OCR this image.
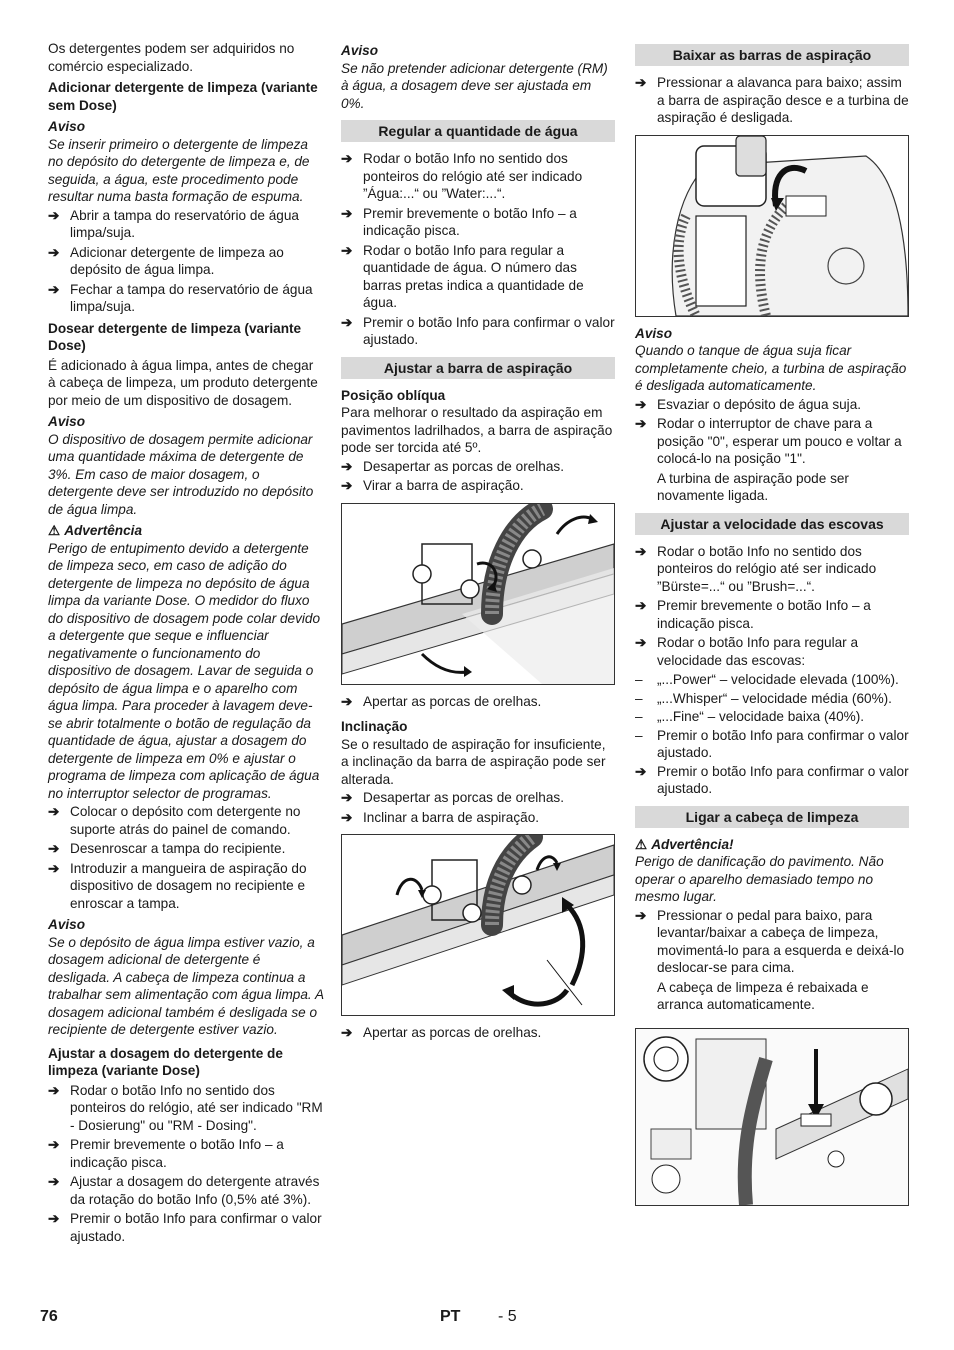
Os detergentes podem ser adquiridos no comércio especializado.

Adicionar detergente de limpeza (variante sem Dose)

Aviso

Se inserir primeiro o detergente de limpeza no depósito do detergente de limpeza e, de seguida, a água, este procedimento pode resultar numa basta formação de espuma.

➔ Abrir a tampa do reservatório de água limpa/suja.
➔ Adicionar detergente de limpeza ao depósito de água limpa.
➔ Fechar a tampa do reservatório de água limpa/suja.

Dosear detergente de limpeza (variante Dose)

É adicionado à água limpa, antes de chegar à cabeça de limpeza, um produto detergente por meio de um dispositivo de dosagem.

Aviso

O dispositivo de dosagem permite adicionar uma quantidade máxima de detergente de 3%. Em caso de maior dosagem, o detergente deve ser introduzido no depósito de água limpa.

⚠ Advertência

Perigo de entupimento devido a detergente de limpeza seco, em caso de adição do detergente de limpeza no depósito de água limpa da variante Dose. O medidor do fluxo do dispositivo de dosagem pode colar devido a detergente que seque e influenciar negativamente o funcionamento do dispositivo de dosagem. Lavar de seguida o depósito de água limpa e o aparelho com água limpa. Para proceder à lavagem deve-se abrir totalmente o botão de regulação da quantidade de água, ajustar a dosagem do detergente de limpeza em 0% e ajustar o programa de limpeza com aplicação de água no interruptor selector de programas.

➔ Colocar o depósito com detergente no suporte atrás do painel de comando.
➔ Desenroscar a tampa do recipiente.
➔ Introduzir a mangueira de aspiração do dispositivo de dosagem no recipiente e enroscar a tampa.

Aviso

Se o depósito de água limpa estiver vazio, a dosagem adicional de detergente é desligada. A cabeça de limpeza continua a trabalhar sem alimentação com água limpa. A dosagem adicional também é desligada se o recipiente de detergente estiver vazio.

Ajustar a dosagem do detergente de limpeza (variante Dose)

➔ Rodar o botão Info no sentido dos ponteiros do relógio, até ser indicado "RM - Dosierung" ou "RM - Dosing".
➔ Premir brevemente o botão Info – a indicação pisca.
➔ Ajustar a dosagem do detergente através da rotação do botão Info (0,5% até 3%).
➔ Premir o botão Info para confirmar o valor ajustado.

Aviso

Se não pretender adicionar detergente (RM) à água, a dosagem deve ser ajustada em 0%.

Regular a quantidade de água
➔ Rodar o botão Info no sentido dos ponteiros do relógio até ser indicado ”Água:...“ ou ”Water:...“.
➔ Premir brevemente o botão Info – a indicação pisca.
➔ Rodar o botão Info para regular a quantidade de água. O número das barras pretas indica a quantidade de água.
➔ Premir o botão Info para confirmar o valor ajustado.
Ajustar a barra de aspiração

Posição oblíqua

Para melhorar o resultado da aspiração em pavimentos ladrilhados, a barra de aspiração pode ser torcida até 5º.

➔ Desapertar as porcas de orelhas.
➔ Virar a barra de aspiração.
➔ Apertar as porcas de orelhas.

Inclinação

Se o resultado de aspiração for insuficiente, a inclinação da barra de aspiração pode ser alterada.

➔ Desapertar as porcas de orelhas.
➔ Inclinar a barra de aspiração.
➔ Apertar as porcas de orelhas.
Baixar as barras de aspiração
➔ Pressionar a alavanca para baixo; assim a barra de aspiração desce e a turbina de aspiração é desligada.

Aviso

Quando o tanque de água suja ficar completamente cheio, a turbina de aspiração é desligada automaticamente.

➔ Esvaziar o depósito de água suja.
➔ Rodar o interruptor de chave para a posição "0", esperar um pouco e voltar a colocá-lo na posição "1".

A turbina de aspiração pode ser novamente ligada.

Ajustar a velocidade das escovas
➔ Rodar o botão Info no sentido dos ponteiros do relógio até ser indicado ”Bürste=...“ ou ”Brush=...“.
➔ Premir brevemente o botão Info – a indicação pisca.
➔ Rodar o botão Info para regular a velocidade das escovas:
– „...Power“ – velocidade elevada (100%).
– „...Whisper“ – velocidade média (60%).
– „...Fine“ – velocidade baixa (40%).
– Premir o botão Info para confirmar o valor ajustado.
➔ Premir o botão Info para confirmar o valor ajustado.
Ligar a cabeça de limpeza

⚠ Advertência!

Perigo de danificação do pavimento. Não operar o aparelho demasiado tempo no mesmo lugar.

➔ Pressionar o pedal para baixo, para levantar/baixar a cabeça de limpeza, movimentá-lo para a esquerda e deixá-lo deslocar-se para cima.

A cabeça de limpeza é rebaixada e arranca automaticamente.

76	PT - 5
